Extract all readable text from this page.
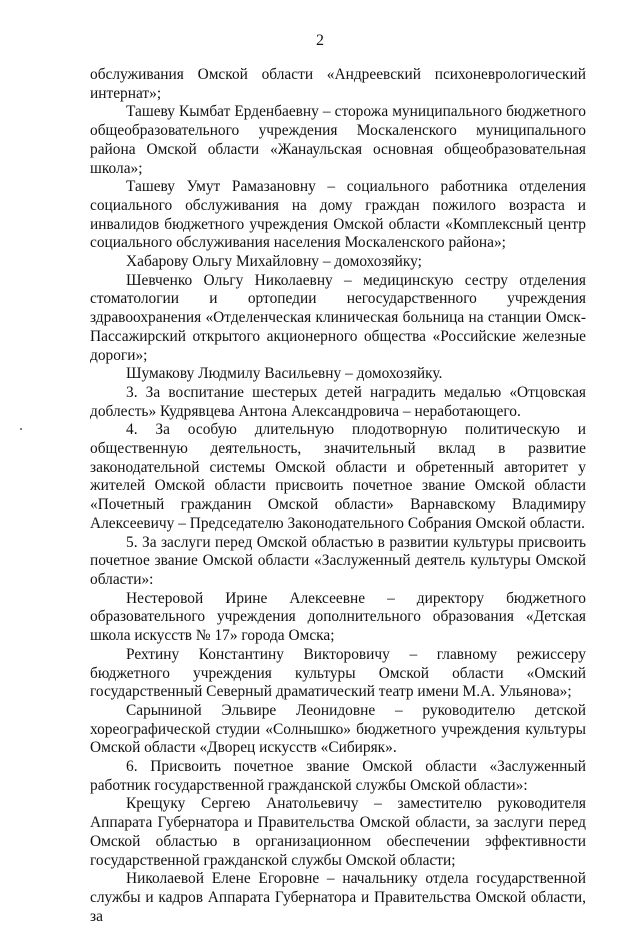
2

обслуживания Омской области «Андреевский психоневрологический интернат»;

Ташеву Кымбат Ерденбаевну – сторожа муниципального бюджетного общеобразовательного учреждения Москаленского муниципального района Омской области «Жанаульская основная общеобразовательная школа»;

Ташеву Умут Рамазановну – социального работника отделения социального обслуживания на дому граждан пожилого возраста и инвалидов бюджетного учреждения Омской области «Комплексный центр социального обслуживания населения Москаленского района»;

Хабарову Ольгу Михайловну – домохозяйку;

Шевченко Ольгу Николаевну – медицинскую сестру отделения стоматологии и ортопедии негосударственного учреждения здравоохранения «Отделенческая клиническая больница на станции Омск-Пассажирский открытого акционерного общества «Российские железные дороги»;

Шумакову Людмилу Васильевну – домохозяйку.

3. За воспитание шестерых детей наградить медалью «Отцовская доблесть» Кудрявцева Антона Александровича – неработающего.

4. За особую длительную плодотворную политическую и общественную деятельность, значительный вклад в развитие законодательной системы Омской области и обретенный авторитет у жителей Омской области присвоить почетное звание Омской области «Почетный гражданин Омской области» Варнавскому Владимиру Алексеевичу – Председателю Законодательного Собрания Омской области.

5. За заслуги перед Омской областью в развитии культуры присвоить почетное звание Омской области «Заслуженный деятель культуры Омской области»:

Нестеровой Ирине Алексеевне – директору бюджетного образовательного учреждения дополнительного образования «Детская школа искусств № 17» города Омска;

Рехтину Константину Викторовичу – главному режиссеру бюджетного учреждения культуры Омской области «Омский государственный Северный драматический театр имени М.А. Ульянова»;

Сарыниной Эльвире Леонидовне – руководителю детской хореографической студии «Солнышко» бюджетного учреждения культуры Омской области «Дворец искусств «Сибиряк».

6. Присвоить почетное звание Омской области «Заслуженный работник государственной гражданской службы Омской области»:

Крещуку Сергею Анатольевичу – заместителю руководителя Аппарата Губернатора и Правительства Омской области, за заслуги перед Омской областью в организационном обеспечении эффективности государственной гражданской службы Омской области;

Николаевой Елене Егоровне – начальнику отдела государственной службы и кадров Аппарата Губернатора и Правительства Омской области, за
